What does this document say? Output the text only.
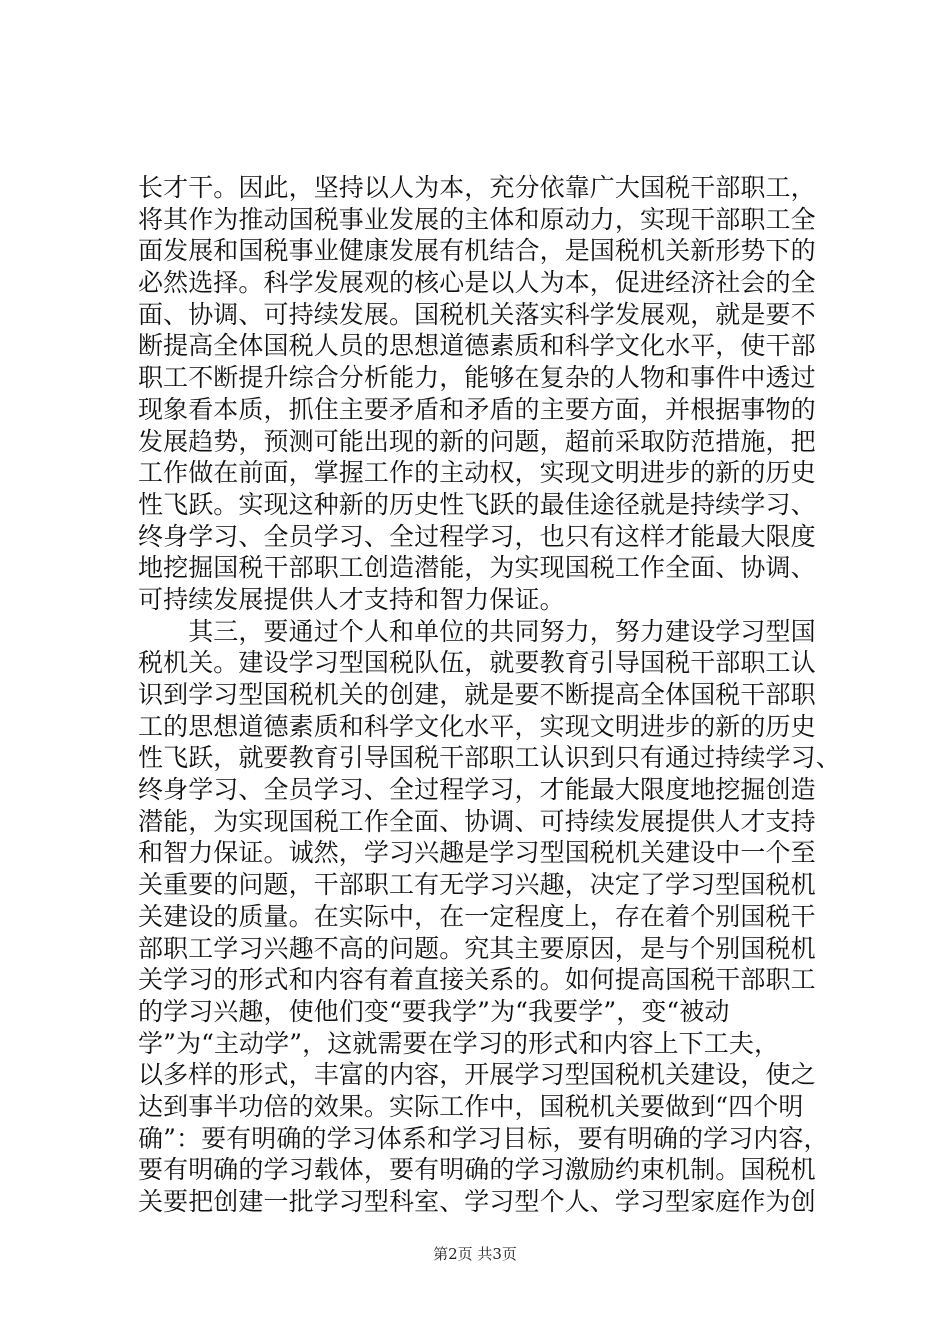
长才干。因此，坚持以人为本，充分依靠广大国税干部职工，
将其作为推动国税事业发展的主体和原动力，实现干部职工全
面发展和国税事业健康发展有机结合，是国税机关新形势下的
必然选择。科学发展观的核心是以人为本，促进经济社会的全
面、协调、可持续发展。国税机关落实科学发展观，就是要不
断提高全体国税人员的思想道德素质和科学文化水平，使干部
职工不断提升综合分析能力，能够在复杂的人物和事件中透过
现象看本质，抓住主要矛盾和矛盾的主要方面，并根据事物的
发展趋势，预测可能出现的新的问题，超前采取防范措施，把
工作做在前面，掌握工作的主动权，实现文明进步的新的历史
性飞跃。实现这种新的历史性飞跃的最佳途径就是持续学习、
终身学习、全员学习、全过程学习，也只有这样才能最大限度
地挖掘国税干部职工创造潜能，为实现国税工作全面、协调、
可持续发展提供人才支持和智力保证。
　　其三，要通过个人和单位的共同努力，努力建设学习型国
税机关。建设学习型国税队伍，就要教育引导国税干部职工认
识到学习型国税机关的创建，就是要不断提高全体国税干部职
工的思想道德素质和科学文化水平，实现文明进步的新的历史
性飞跃，就要教育引导国税干部职工认识到只有通过持续学习、
终身学习、全员学习、全过程学习，才能最大限度地挖掘创造
潜能，为实现国税工作全面、协调、可持续发展提供人才支持
和智力保证。诚然，学习兴趣是学习型国税机关建设中一个至
关重要的问题，干部职工有无学习兴趣，决定了学习型国税机
关建设的质量。在实际中，在一定程度上，存在着个别国税干
部职工学习兴趣不高的问题。究其主要原因，是与个别国税机
关学习的形式和内容有着直接关系的。如何提高国税干部职工
的学习兴趣，使他们变“要我学”为“我要学”，变“被动
学”为“主动学”，这就需要在学习的形式和内容上下工夫，
以多样的形式，丰富的内容，开展学习型国税机关建设，使之
达到事半功倍的效果。实际工作中，国税机关要做到“四个明
确”：要有明确的学习体系和学习目标，要有明确的学习内容，
要有明确的学习载体，要有明确的学习激励约束机制。国税机
关要把创建一批学习型科室、学习型个人、学习型家庭作为创
第2页 共3页
